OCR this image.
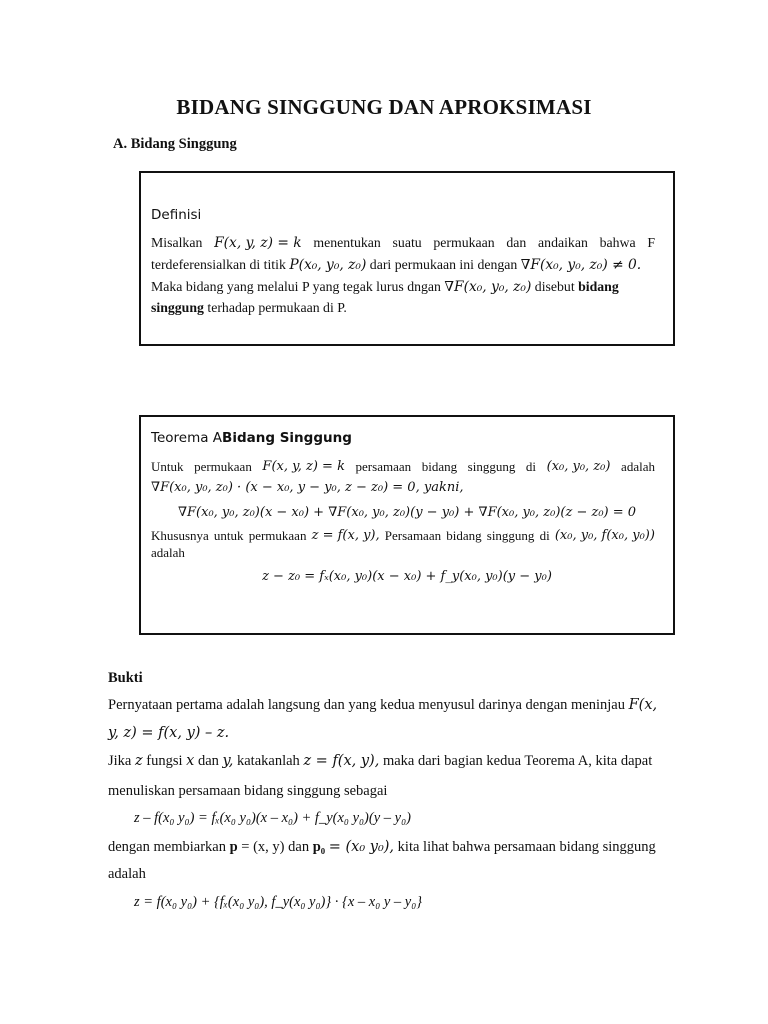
BIDANG SINGGUNG DAN APROKSIMASI
A. Bidang Singgung
Definisi
Misalkan F(x, y, z) = k menentukan suatu permukaan dan andaikan bahwa F
terdeferensialkan di titik P(x₀, y₀, z₀) dari permukaan ini dengan ∇F(x₀, y₀, z₀) ≠ 0.
Maka bidang yang melalui P yang tegak lurus dngan ∇F(x₀, y₀, z₀) disebut bidang
singgung terhadap permukaan di P.
Teorema ABidang Singgung
Untuk permukaan F(x, y, z) = k persamaan bidang singgung di (x₀, y₀, z₀) adalah
∇F(x₀, y₀, z₀) · (x − x₀, y − y₀, z − z₀) = 0, yakni,
∇F(x₀, y₀, z₀)(x − x₀) + ∇F(x₀, y₀, z₀)(y − y₀) + ∇F(x₀, y₀, z₀)(z − z₀) = 0
Khususnya untuk permukaan z = f(x, y), Persamaan bidang singgung di (x₀, y₀, f(x₀, y₀))
adalah
z − z₀ = fₓ(x₀, y₀)(x − x₀) + f_y(x₀, y₀)(y − y₀)
Bukti
Pernyataan pertama adalah langsung dan yang kedua menyusul darinya dengan meninjau F(x,
y, z) = f(x, y) – z.
Jika z fungsi x dan y, katakanlah z = f(x, y), maka dari bagian kedua Teorema A, kita dapat
menuliskan persamaan bidang singgung sebagai
z – f(x₀ y₀) = fₓ(x₀ y₀)(x – x₀) + f_y(x₀ y₀)(y – y₀)
dengan membiarkan p = (x, y) dan p₀ = (x₀ y₀), kita lihat bahwa persamaan bidang singgung
adalah
z = f(x₀ y₀) + {fₓ(x₀ y₀), f_y(x₀ y₀)} · {x – x₀ y – y₀}
